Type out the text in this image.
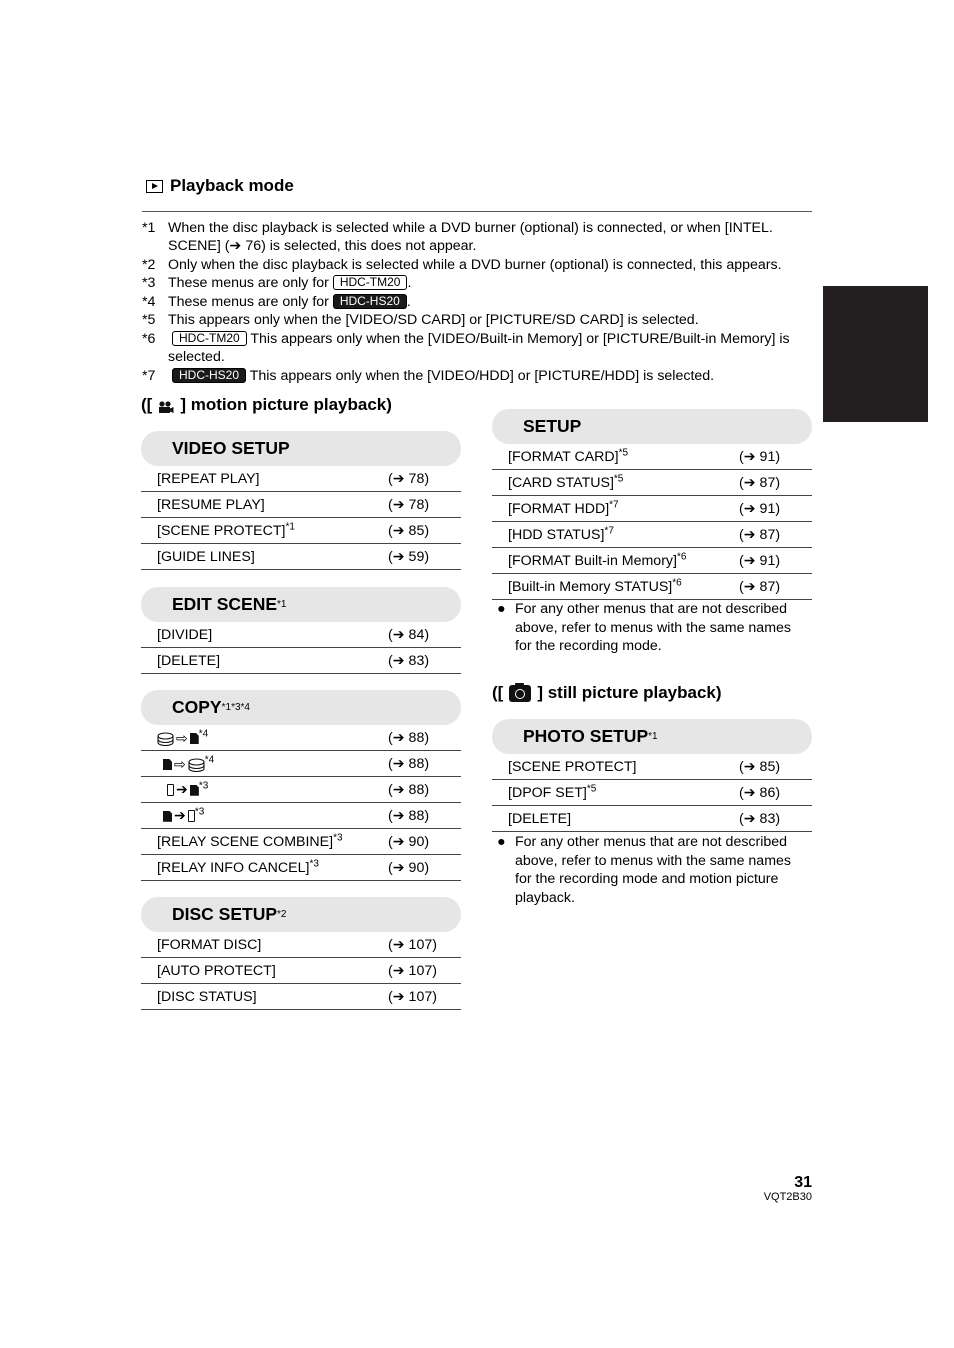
Playback mode
*1 When the disc playback is selected while a DVD burner (optional) is connected, or when [INTEL. SCENE] (➔ 76) is selected, this does not appear.
*2 Only when the disc playback is selected while a DVD burner (optional) is connected, this appears.
*3 These menus are only for HDC-TM20 .
*4 These menus are only for HDC-HS20 .
*5 This appears only when the [VIDEO/SD CARD] or [PICTURE/SD CARD] is selected.
*6	HDC-TM20 This appears only when the [VIDEO/Built-in Memory] or [PICTURE/Built-in Memory] is selected.
*7	HDC-HS20 This appears only when the [VIDEO/HDD] or [PICTURE/HDD] is selected.
([ ] motion picture playback)
([ ] still picture playback)
VIDEO SETUP
[REPEAT PLAY]	(➔ 78)
[RESUME PLAY]	(➔ 78)
[SCENE PROTECT]$^{*1}$	(➔ 85)
[GUIDE LINES]	(➔ 59)
EDIT SCENE *1
[DIVIDE]	(➔ 84)
[DELETE]	(➔ 83)
COPY *1*3*4
⇨ $^{*4}$	(➔ 88)
⇨ $^{*4}$	(➔ 88)
➔ $^{*3}$	(➔ 88)
➔ $^{*3}$	(➔ 88)
[RELAY SCENE COMBINE]$^{*3}$	(➔ 90)
[RELAY INFO CANCEL]$^{*3}$	(➔ 90)
DISC SETUP *2
[FORMAT DISC]	(➔ 107)
[AUTO PROTECT]	(➔ 107)
[DISC STATUS]	(➔ 107)
SETUP
[FORMAT CARD]$^{*5}$	(➔ 91)
[CARD STATUS]$^{*5}$	(➔ 87)
[FORMAT HDD]$^{*7}$	(➔ 91)
[HDD STATUS]$^{*7}$	(➔ 87)
[FORMAT Built-in Memory]$^{*6}$	(➔ 91)
[Built-in Memory STATUS]$^{*6}$	(➔ 87)
PHOTO SETUP *1
[SCENE PROTECT]	(➔ 85)
[DPOF SET]$^{*5}$	(➔ 86)
[DELETE]	(➔ 83)
● For any other menus that are not described above, refer to menus with the same names for the recording mode.
● For any other menus that are not described above, refer to menus with the same names for the recording mode and motion picture playback.
31
VQT2B30
